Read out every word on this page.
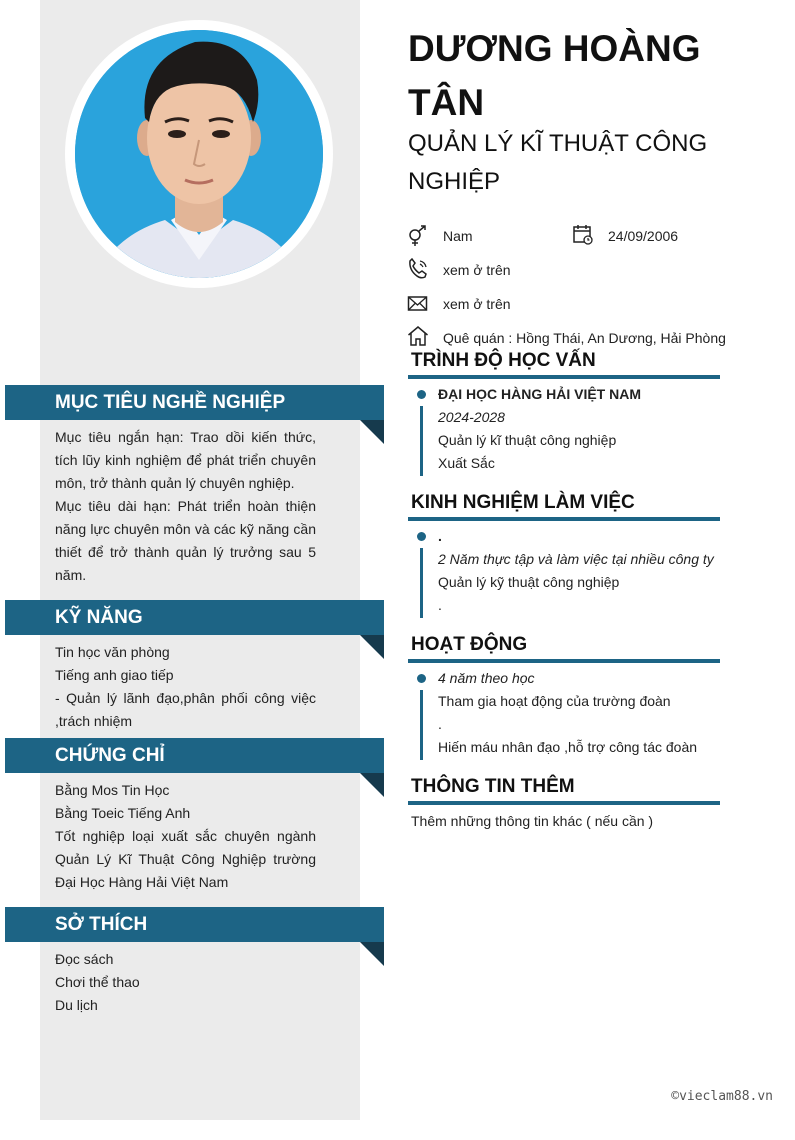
MỤC TIÊU NGHỀ NGHIỆP

Mục tiêu ngắn hạn: Trao dồi kiến thức, tích lũy kinh nghiệm để phát triển chuyên môn, trở thành quản lý chuyên nghiệp.

Mục tiêu dài hạn: Phát triển hoàn thiện năng lực chuyên môn và các kỹ năng cần thiết để trở thành quản lý trưởng sau 5 năm.

KỸ NĂNG

Tin học văn phòng

Tiếng anh giao tiếp

- Quản lý lãnh đạo,phân phối công việc ,trách nhiệm

CHỨNG CHỈ

Bằng Mos Tin Học

Bằng Toeic Tiếng Anh

Tốt nghiệp loại xuất sắc chuyên ngành Quản Lý Kĩ Thuật Công Nghiệp trường Đại Học Hàng Hải Việt Nam

SỞ THÍCH

Đọc sách

Chơi thể thao

Du lịch

DƯƠNG HOÀNG TÂN
QUẢN LÝ KĨ THUẬT CÔNG NGHIỆP
Nam	24/09/2006
xem ở trên
xem ở trên
Quê quán : Hồng Thái, An Dương, Hải Phòng
TRÌNH ĐỘ HỌC VẤN
ĐẠI HỌC HÀNG HẢI VIỆT NAM
2024-2028
Quản lý kĩ thuật công nghiệp
Xuất Sắc
KINH NGHIỆM LÀM VIỆC
.
2 Năm thực tập và làm việc tại nhiều công ty
Quản lý kỹ thuật công nghiệp
.
HOẠT ĐỘNG
4 năm theo học
Tham gia hoạt động của trường đoàn
.
Hiến máu nhân đạo ,hỗ trợ công tác đoàn
THÔNG TIN THÊM
Thêm những thông tin khác ( nếu cần )
©vieclam88.vn
